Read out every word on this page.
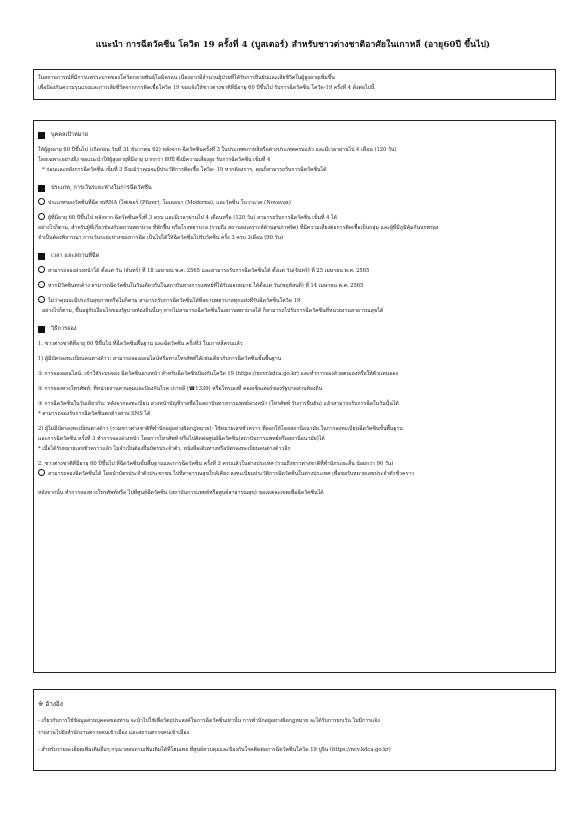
แนะนำ การฉีดวัคซีน โควิด 19 ครั้งที่ 4 (บูสเตอร์) สำหรับชาวต่างชาติอาศัยในเกาหลี (อายุ60ปี ขึ้นไป)
ในสถานการณ์ที่มีการแพร่ระบาดของโควิดกลายพันธุ์โอมิครอน เนื่องจากมีจำนวนผู้ป่วยที่ได้รับการยืนยันและเสียชีวิตในผู้สูงอายุเพิ่มขึ้น
เพื่อป้องกันความรุนแรงและการเสียชีวิตจากการติดเชื้อโควิด 19 ขอแจ้งให้ชาวต่างชาติที่มีอายุ 60 ปีขึ้นไป รับการฉีดวัคซีน โควิด-19 ครั้งที่ 4 ดังต่อไปนี้
บุคคลเป้าหมาย
ให้ผู้สูงอายุ 60 ปีขึ้นไป (เกิดก่อน วันที่ 31 ธันวาคม 62) หลังจาก ฉีดวัคซีนครั้งที่ 3 ในประเทศเกาหลีหรือต่างประเทศครบแล้ว และมีเวลาผ่านไป 4 เดือน (120 วัน)
โดยเฉพาะอย่างยิ่ง ขอแนะนำให้ผู้สูงอายุที่มีอายุ มากกว่า 80ปี ซึ่งมีความเสี่ยงสูง รับการฉีดวัคซีน เข็มที่ 4
* ก่อนและหลังการฉีดวัคซีน เข็มที่ 3 ถึงแม้ว่าคุณจะมีประวัติการติดเชื้อ โควิด- 19 หากต้องการ, คุณก็สามารถรับการฉีดวัคซีนได้
ประเภท, การเว้นระยะห่างในการฉีดวัคซีน
ประเภทของวัคซีนที่ฉีด mRNA (ไฟเซอร์ (Pfizer), โมเดอนา (Moderna), และวัคซีน โนวาแวค (Novavax)
ผู้ที่มีอายุ 60 ปีขึ้นไป หลังจาก ฉีดวัคซีนครั้งที่ 3 ครบ และมีเวลาผ่านไป 4 เดือนหรือ (120 วัน) สามารถรับการฉีดวัคซีน เข็มที่ 4 ได้
อย่างไรก็ตาม, สำหรับผู้ที่เกี่ยวข้องกับสถานพยาบาล ที่พักฟื้น หรือโรงพยาบาล (รวมถึง สถานสงเคราะห์ด้านสุขภาพจิต) ที่มีความเสี่ยงต่อการติดเชื้อเป็นกลุ่ม และผู้ที่มีภูมิคุ้มกันบกพร่อง
จำเป็นต้องพิจารณา การเว้นระยะห่างของการฉีด เป็นไปได้ให้ฉีดวัคซีนไปรับวัคซีน ครั้ง 3 ครบ 3เดือน (90 วัน)
เวลา และสถานที่ฉีด
สามารถจองล่วงหน้าได้ ตั้งแต่ วัน (จันทร์) ที่ 18 เมษายน พ.ศ. 2565 และสามารถรับการฉีดวัคซีนได้ ตั้งแต่ วัน(จันทร์) ที่ 25 เมษายน พ.ศ. 2565
หากมีวัคซีนตกค้าง สามารถฉีดวัคซีนในวันเดียวกันในสถาบันทางการแพทย์ที่ได้รับมอบหมาย ได้ตั้งแต่ วัน(พฤหัสบดี) ที่ 14 เมษายน พ.ศ. 2565
ไม่ว่าคุณจะมีประกันสุขภาพหรือไม่ก็ตาม สามารถรับการฉีดวัคซีนได้ที่สถานพยาบาลทุกแห่งที่รับฉีดวัคซีนโควิด 19
อย่างไรก็ตาม, ขึ้นอยู่กับเงื่อนไขของรัฐบาลท้องถิ่นนั้นๆ หากไม่สามารถฉีดวัคซีนในสถานพยาบาลได้ ก็สามารถไปรับการฉีดวัคซีนที่หน่วยงานสาธารณสุขได้
วิธีการจอง
1. ชาวต่างชาติที่อายุ 60 ปีขึ้นไป ที่ฉีดวัคซีนพื้นฐาน และฉีดวัคซีน ครั้งที่3 ในเกาหลีครบแล้ว
1) ผู้มีบัตรลงทะเบียนคนต่างด้าว: สามารถจองออนไลน์หรือทางโทรศัพท์ได้เช่นเดียวกับการฉีดวัคซีนขั้นพื้นฐาน
① การจองออนไลน์: เข้าใช้ระบบจอง ฉีดวัคซีนล่วงหน้า สำหรับฉีดวัคซีนป้องกันโควิด 19 (https://ncvr.kdca.go.kr) และทำการจองด้วยตนเองหรือให้ตัวแทนจอง
② การจองทางโทรศัพท์: ที่หน่วยงานควบคุมและป้องกันโรค เกาหลี (☎1339) หรือโทรเองที่ คอลเซ็นเตอร์ของรัฐบาลส่วนท้องถิ่น
③ การฉีดวัคซีนในวันเดียวกัน: หลังจากลงทะเบียน ล่วงหน้าบัญชีรายชื่อในสถาบันทางการแพทย์ล่วงหน้า (โทรศัพท์ รับการยืนยัน) แล้วสามารถรับการฉีดในวันนั้นได้
* สามารถจองรับการฉีดวัคซีนตกค้างผ่าน SNS ได้
2) ผู้ไม่มีบัตรลงทะเบียนต่างด้าว (รวมชาวต่างชาติที่พำนักอยู่อย่างผิดกฎหมาย): ใช้หมายเลขชั่วคราว ที่ออกให้โดยสถานีอนามัย ในการลงทะเบียนฉีดวัคซีนขั้นพื้นฐาน
และการฉีดวัคซีน ครั้งที่ 3 ทำการจองล่วงหน้า โดยการโทรศัพท์ หรือไปติดต่อศูนย์ฉีดวัคซีน(สถาบันการแพทย์หรือสถานีอนามัย)ได้
* เมื่อได้รับหมายเลขชั่วคราวแล้ว ไม่จำเป็นต้องยื่นบัตรประจำตัว, หนังสือเดินทางหรือบัตรลงทะเบียนคนต่างด้าวอีก
2. ชาวต่างชาติที่มีอายุ 60 ปีขึ้นไป ที่ฉีดวัคซีนขั้นพื้นฐานและการฉีดวัคซีน ครั้งที่ 3 ครบแล้วในต่างประเทศ (รวมถึงชาวต่างชาติที่พำนักระยะสั้น น้อยกว่า 90 วัน)
สามารถจองฉีดวัคซีนได้ โดยนำบัตรประจำตัวประชาชน ไปที่สาธารณสุขใกล้เคียง ลงทะเบียนประวัติการฉีดวัคซีนในต่างประเทศ เพื่อขอรับหมายเลขประจำตัวชั่วคราว
หลังจากนั้น ทำการจองทางโทรศัพท์หรือ ไปที่ศูนย์ฉีดวัคซีน (สถาบันการแพทย์หรือศูนย์สาธารณสุข) ของแต่ละเขตเพื่อฉีดวัคซีนได้
※ อ้างอิง
- เกี่ยวกับการใช้ข้อมูลส่วนบุคคลของท่าน จะนำไปใช้เพื่อวัตถุประสงค์ในการฉีดวัคซีนเท่านั้น การพำนักอยู่อย่างผิดกฎหมาย จะได้รับการยกเว้น ไม่มีการแจ้ง
รายงานไปยังสำนักงานตรวจคนเข้าเมือง และสถานตรวจคนเข้าเมือง
- สำหรับรายละเอียดเพิ่มเติมอื่นๆ กรุณาสอบถามเพิ่มเติมได้ที่โฮมเพจ ที่ศูนย์ควบคุมและป้องกันโรคติดต่อการฉีดวัคซีนโควิด 19 ปูจิน (https://ncv.kdca.go.kr)
